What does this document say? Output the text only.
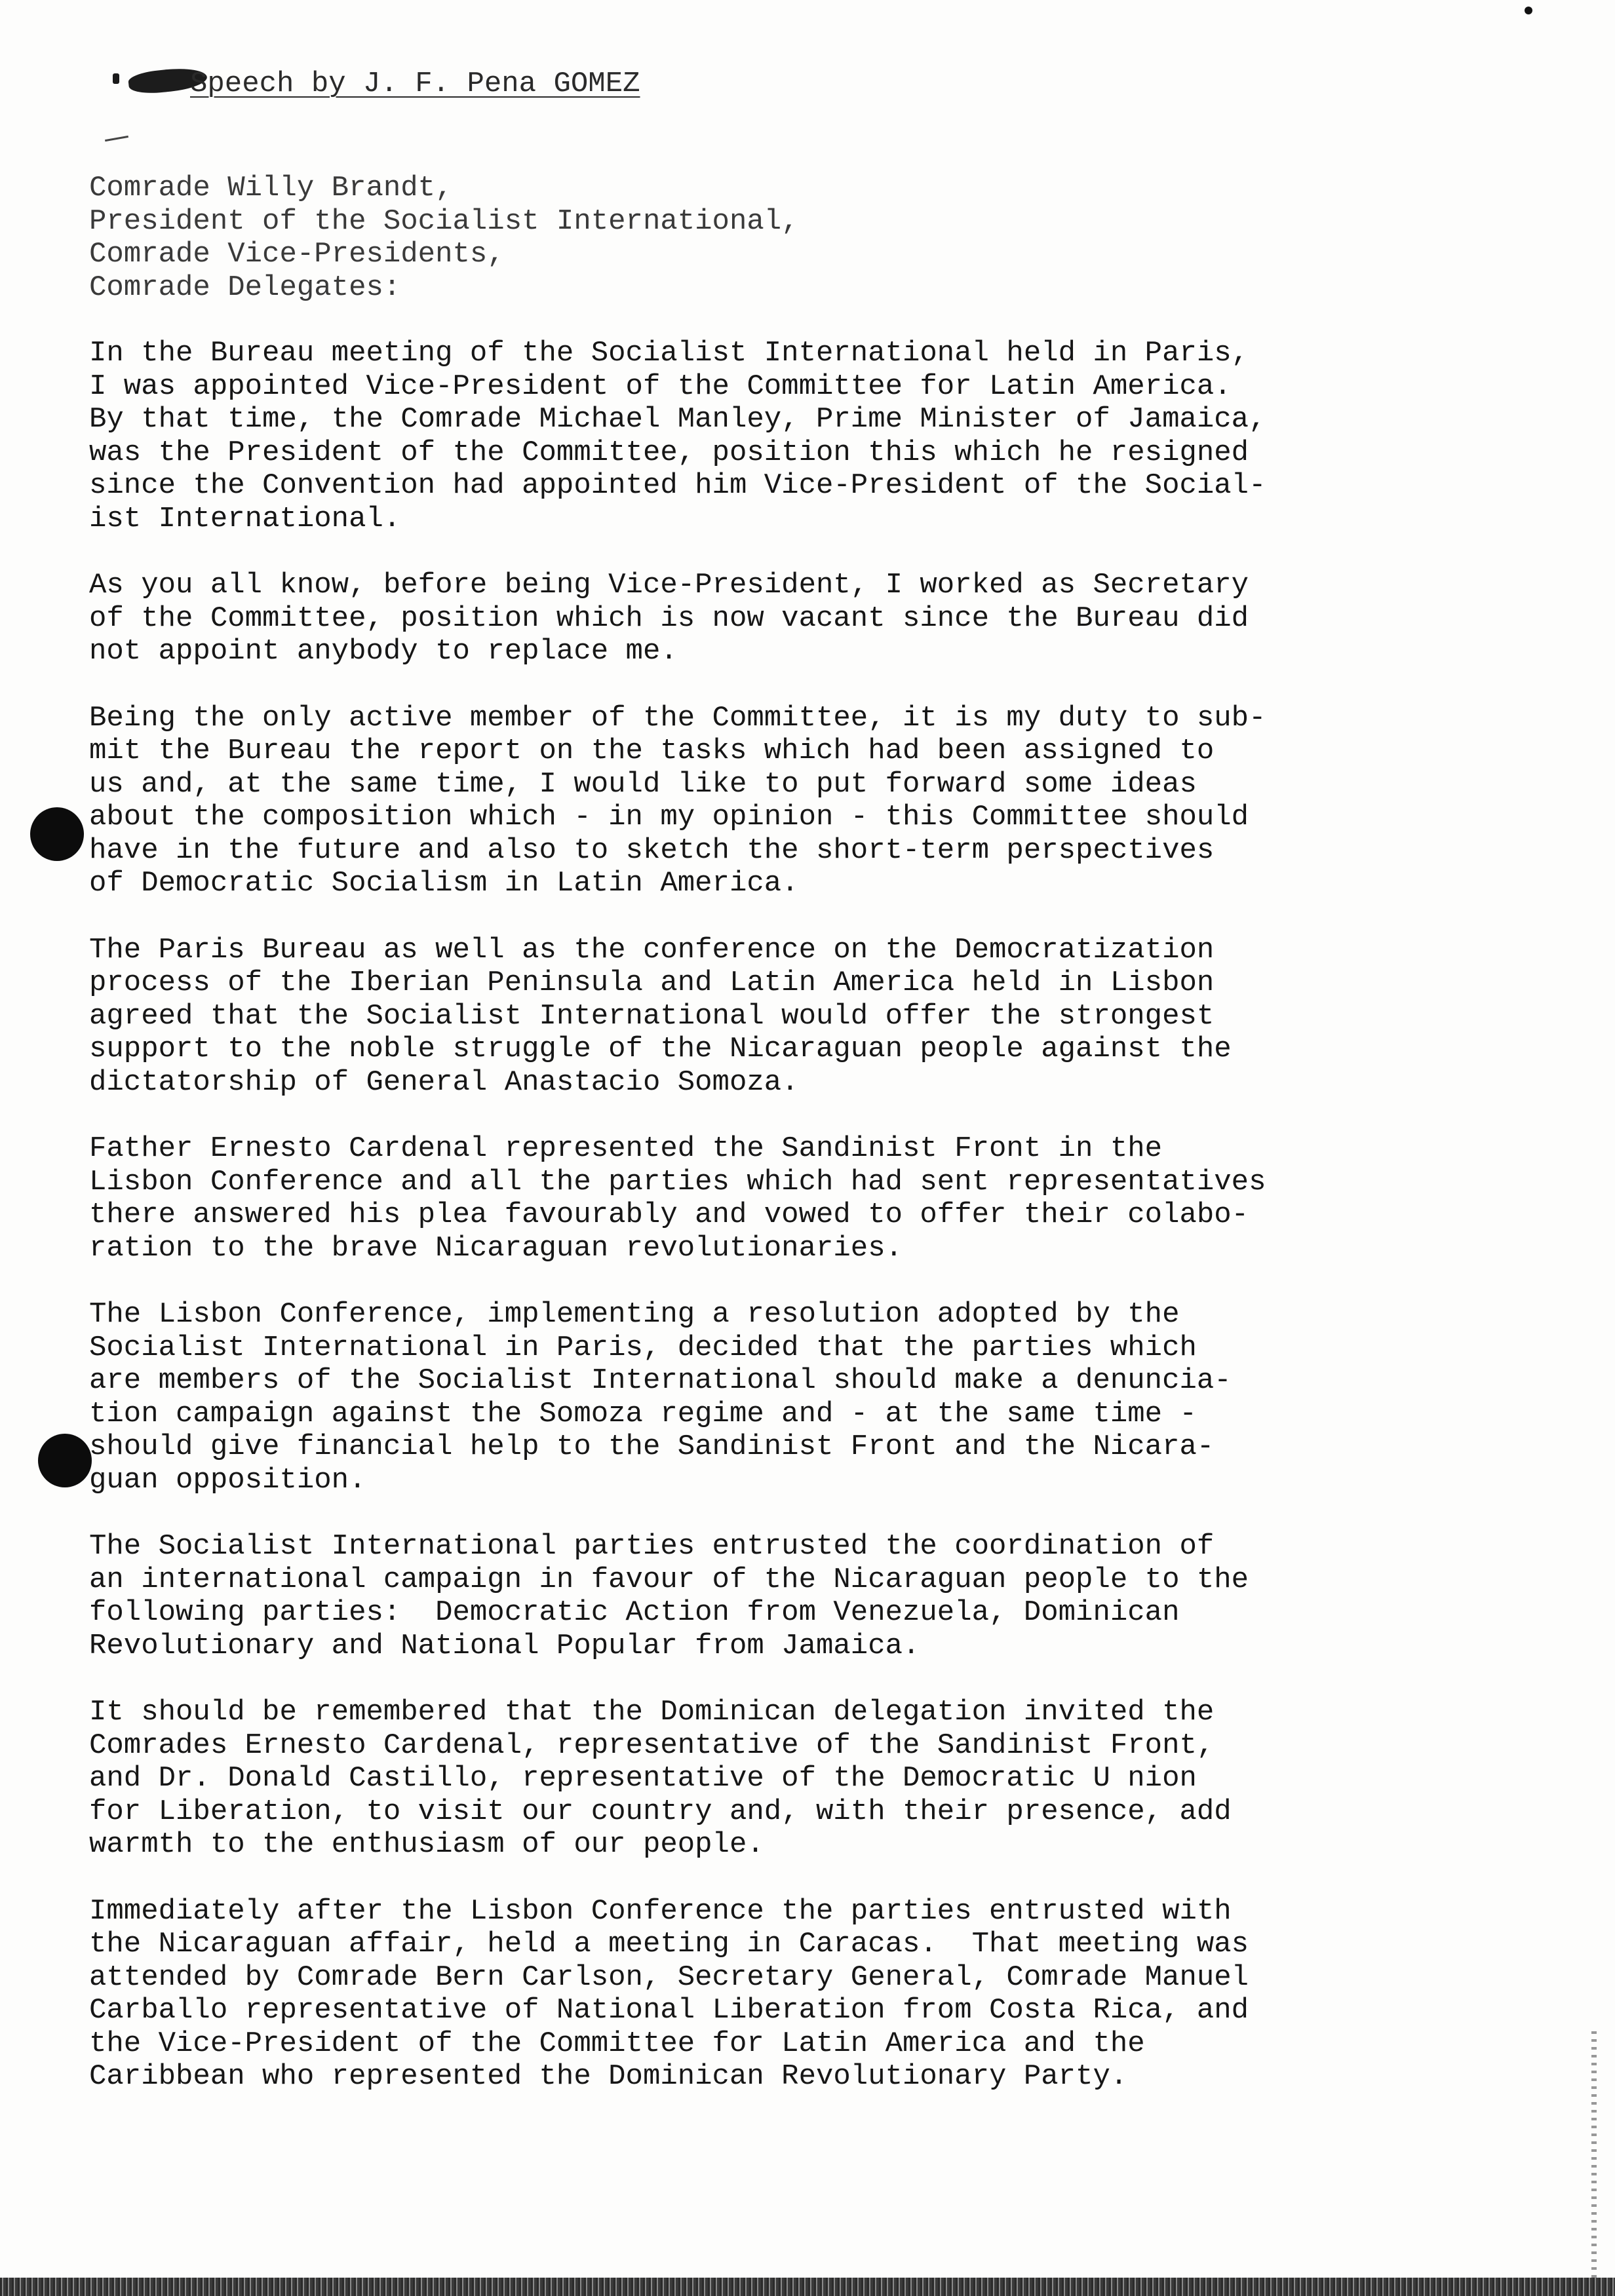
Speech by J. F. Pena GOMEZ
Comrade Willy Brandt,
President of the Socialist International,
Comrade Vice-Presidents,
Comrade Delegates:
In the Bureau meeting of the Socialist International held in Paris,
I was appointed Vice-President of the Committee for Latin America.
By that time, the Comrade Michael Manley, Prime Minister of Jamaica,
was the President of the Committee, position this which he resigned
since the Convention had appointed him Vice-President of the Social-
ist International.
As you all know, before being Vice-President, I worked as Secretary
of the Committee, position which is now vacant since the Bureau did
not appoint anybody to replace me.
Being the only active member of the Committee, it is my duty to sub-
mit the Bureau the report on the tasks which had been assigned to
us and, at the same time, I would like to put forward some ideas
about the composition which - in my opinion - this Committee should
have in the future and also to sketch the short-term perspectives
of Democratic Socialism in Latin America.
The Paris Bureau as well as the conference on the Democratization
process of the Iberian Peninsula and Latin America held in Lisbon
agreed that the Socialist International would offer the strongest
support to the noble struggle of the Nicaraguan people against the
dictatorship of General Anastacio Somoza.
Father Ernesto Cardenal represented the Sandinist Front in the
Lisbon Conference and all the parties which had sent representatives
there answered his plea favourably and vowed to offer their colabo-
ration to the brave Nicaraguan revolutionaries.
The Lisbon Conference, implementing a resolution adopted by the
Socialist International in Paris, decided that the parties which
are members of the Socialist International should make a denuncia-
tion campaign against the Somoza regime and - at the same time -
should give financial help to the Sandinist Front and the Nicara-
guan opposition.
The Socialist International parties entrusted the coordination of
an international campaign in favour of the Nicaraguan people to the
following parties:  Democratic Action from Venezuela, Dominican
Revolutionary and National Popular from Jamaica.
It should be remembered that the Dominican delegation invited the
Comrades Ernesto Cardenal, representative of the Sandinist Front,
and Dr. Donald Castillo, representative of the Democratic U nion
for Liberation, to visit our country and, with their presence, add
warmth to the enthusiasm of our people.
Immediately after the Lisbon Conference the parties entrusted with
the Nicaraguan affair, held a meeting in Caracas.  That meeting was
attended by Comrade Bern Carlson, Secretary General, Comrade Manuel
Carballo representative of National Liberation from Costa Rica, and
the Vice-President of the Committee for Latin America and the
Caribbean who represented the Dominican Revolutionary Party.
